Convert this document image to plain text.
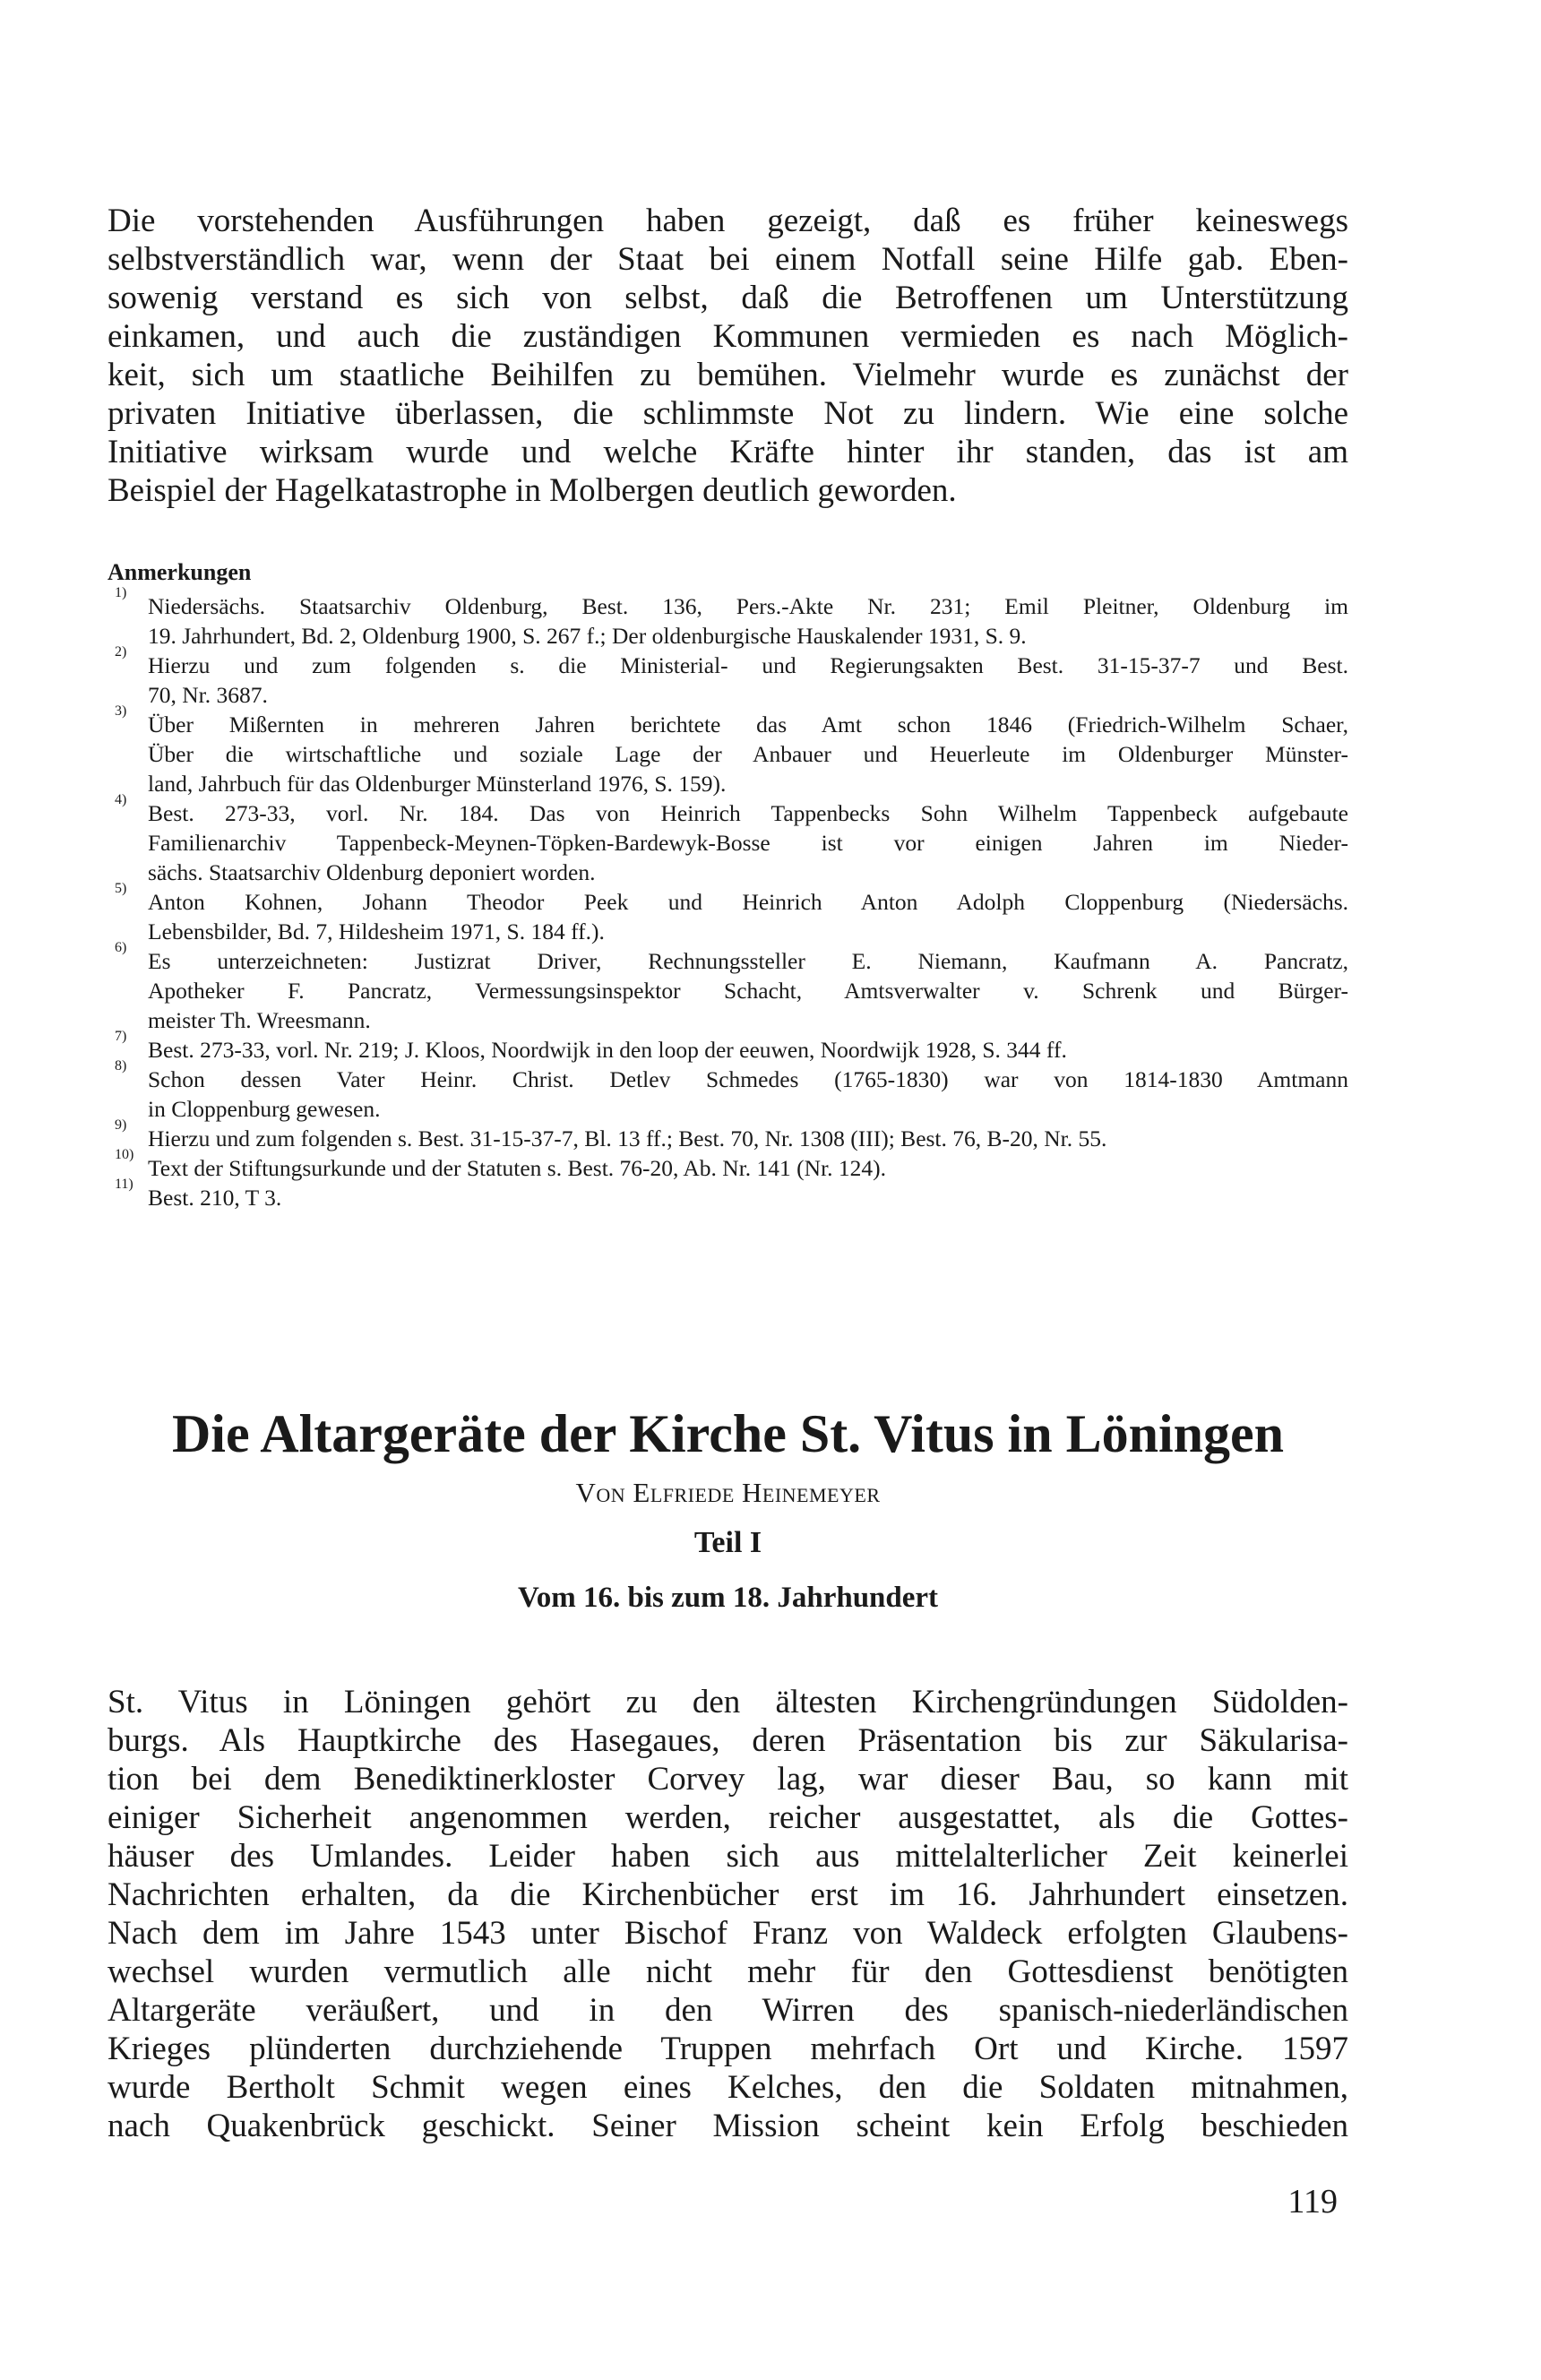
Die vorstehenden Ausführungen haben gezeigt, daß es früher keineswegs
selbstverständlich war, wenn der Staat bei einem Notfall seine Hilfe gab. Eben-
sowenig verstand es sich von selbst, daß die Betroffenen um Unterstützung
einkamen, und auch die zuständigen Kommunen vermieden es nach Möglich-
keit, sich um staatliche Beihilfen zu bemühen. Vielmehr wurde es zunächst der
privaten Initiative überlassen, die schlimmste Not zu lindern. Wie eine solche
Initiative wirksam wurde und welche Kräfte hinter ihr standen, das ist am
Beispiel der Hagelkatastrophe in Molbergen deutlich geworden.
Anmerkungen
1)
Niedersächs. Staatsarchiv Oldenburg, Best. 136, Pers.-Akte Nr. 231; Emil Pleitner, Oldenburg im
19. Jahrhundert, Bd. 2, Oldenburg 1900, S. 267 f.; Der oldenburgische Hauskalender 1931, S. 9.
2)
Hierzu und zum folgenden s. die Ministerial- und Regierungsakten Best. 31-15-37-7 und Best.
70, Nr. 3687.
3)
Über Mißernten in mehreren Jahren berichtete das Amt schon 1846 (Friedrich-Wilhelm Schaer,
Über die wirtschaftliche und soziale Lage der Anbauer und Heuerleute im Oldenburger Münster-
land, Jahrbuch für das Oldenburger Münsterland 1976, S. 159).
4)
Best. 273-33, vorl. Nr. 184. Das von Heinrich Tappenbecks Sohn Wilhelm Tappenbeck aufgebaute
Familienarchiv Tappenbeck-Meynen-Töpken-Bardewyk-Bosse ist vor einigen Jahren im Nieder-
sächs. Staatsarchiv Oldenburg deponiert worden.
5)
Anton Kohnen, Johann Theodor Peek und Heinrich Anton Adolph Cloppenburg (Niedersächs.
Lebensbilder, Bd. 7, Hildesheim 1971, S. 184 ff.).
6)
Es unterzeichneten: Justizrat Driver, Rechnungssteller E. Niemann, Kaufmann A. Pancratz,
Apotheker F. Pancratz, Vermessungsinspektor Schacht, Amtsverwalter v. Schrenk und Bürger-
meister Th. Wreesmann.
7)
Best. 273-33, vorl. Nr. 219; J. Kloos, Noordwijk in den loop der eeuwen, Noordwijk 1928, S. 344 ff.
8)
Schon dessen Vater Heinr. Christ. Detlev Schmedes (1765-1830) war von 1814-1830 Amtmann
in Cloppenburg gewesen.
9)
Hierzu und zum folgenden s. Best. 31-15-37-7, Bl. 13 ff.; Best. 70, Nr. 1308 (III); Best. 76, B-20, Nr. 55.
10)
Text der Stiftungsurkunde und der Statuten s. Best. 76-20, Ab. Nr. 141 (Nr. 124).
11)
Best. 210, T 3.
Die Altargeräte der Kirche St. Vitus in Löningen

Von Elfriede Heinemeyer

Teil I

Vom 16. bis zum 18. Jahrhundert

St. Vitus in Löningen gehört zu den ältesten Kirchengründungen Südolden-
burgs. Als Hauptkirche des Hasegaues, deren Präsentation bis zur Säkularisa-
tion bei dem Benediktinerkloster Corvey lag, war dieser Bau, so kann mit
einiger Sicherheit angenommen werden, reicher ausgestattet, als die Gottes-
häuser des Umlandes. Leider haben sich aus mittelalterlicher Zeit keinerlei
Nachrichten erhalten, da die Kirchenbücher erst im 16. Jahrhundert einsetzen.
Nach dem im Jahre 1543 unter Bischof Franz von Waldeck erfolgten Glaubens-
wechsel wurden vermutlich alle nicht mehr für den Gottesdienst benötigten
Altargeräte veräußert, und in den Wirren des spanisch-niederländischen
Krieges plünderten durchziehende Truppen mehrfach Ort und Kirche. 1597
wurde Bertholt Schmit wegen eines Kelches, den die Soldaten mitnahmen,
nach Quakenbrück geschickt. Seiner Mission scheint kein Erfolg beschieden
119
